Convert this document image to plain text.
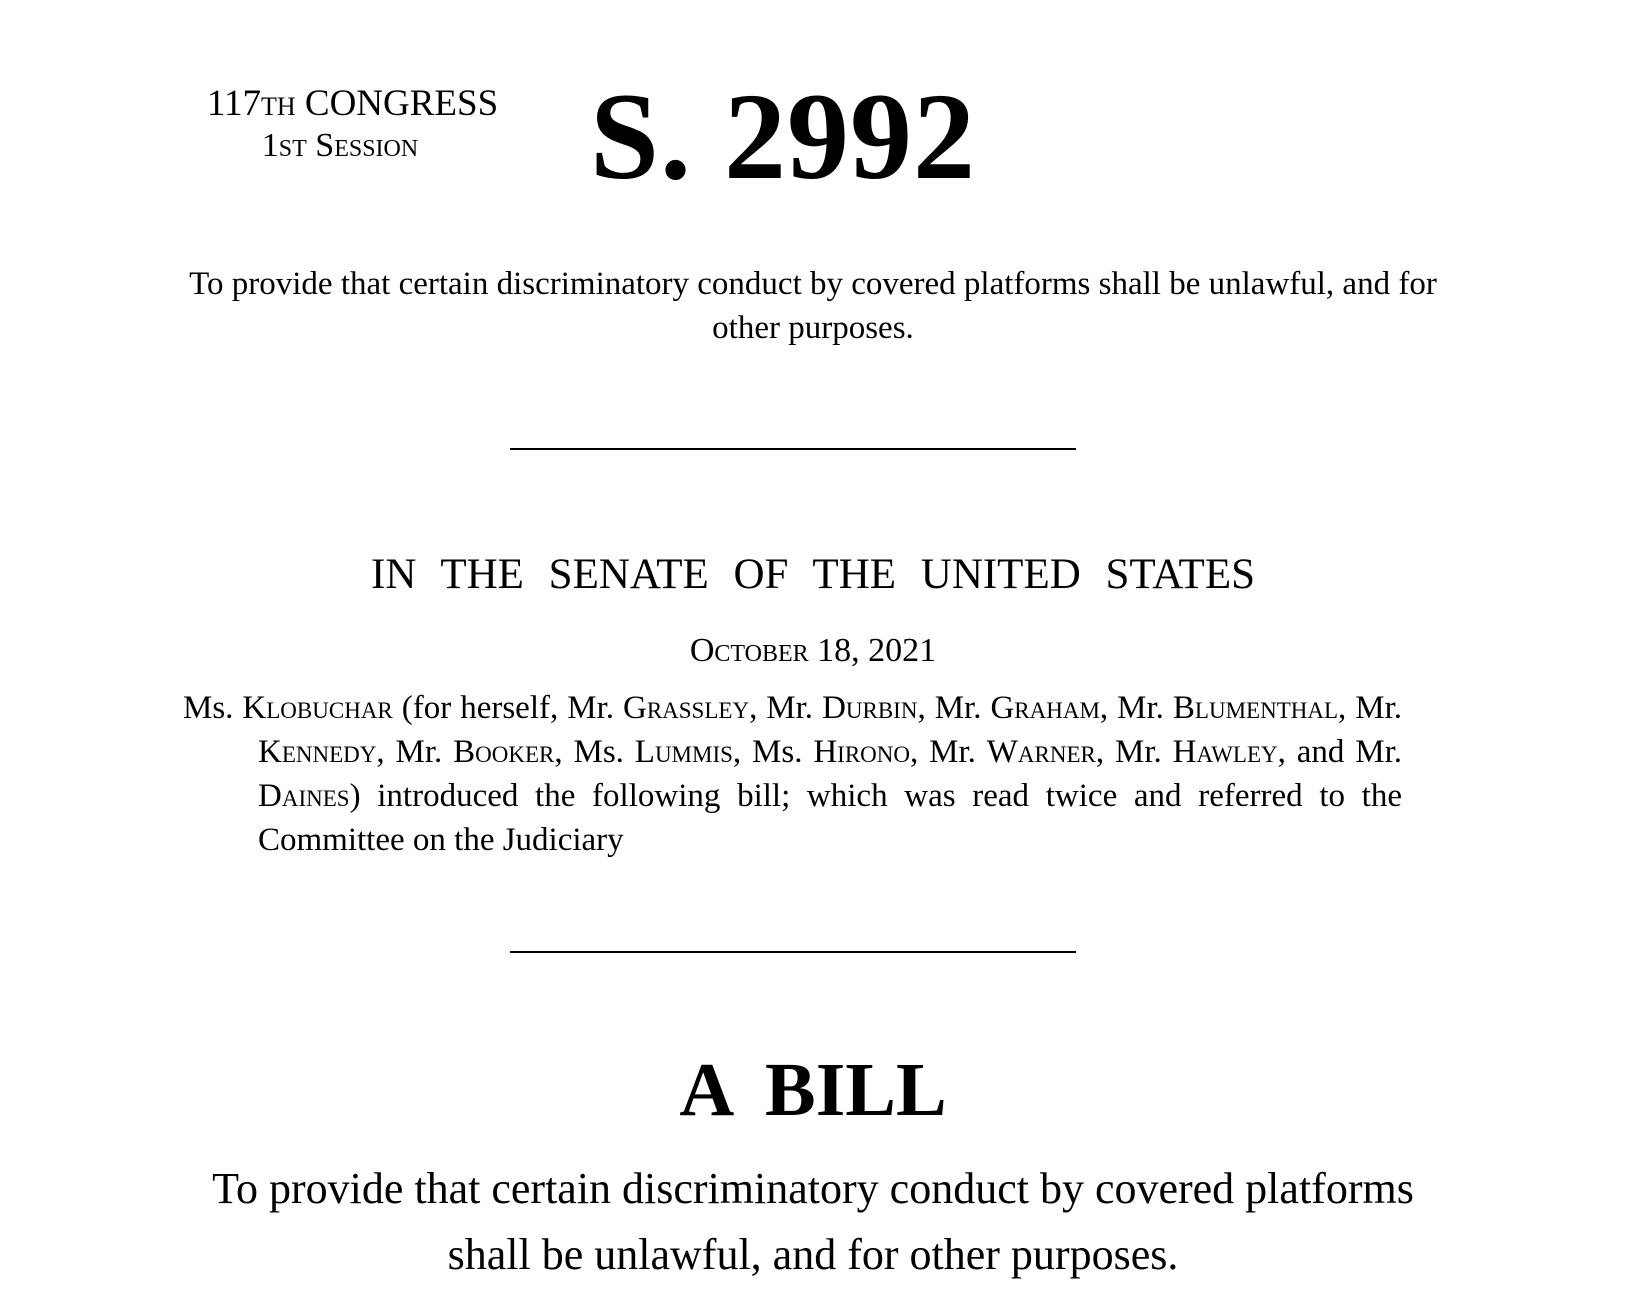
117th CONGRESS
1st Session	S. 2992
To provide that certain discriminatory conduct by covered platforms shall be unlawful, and for other purposes.
IN THE SENATE OF THE UNITED STATES
October 18, 2021
Ms. Klobuchar (for herself, Mr. Grassley, Mr. Durbin, Mr. Graham, Mr. Blumenthal, Mr. Kennedy, Mr. Booker, Ms. Lummis, Ms. Hirono, Mr. Warner, Mr. Hawley, and Mr. Daines) introduced the following bill; which was read twice and referred to the Committee on the Judiciary
A BILL
To provide that certain discriminatory conduct by covered platforms shall be unlawful, and for other purposes.
